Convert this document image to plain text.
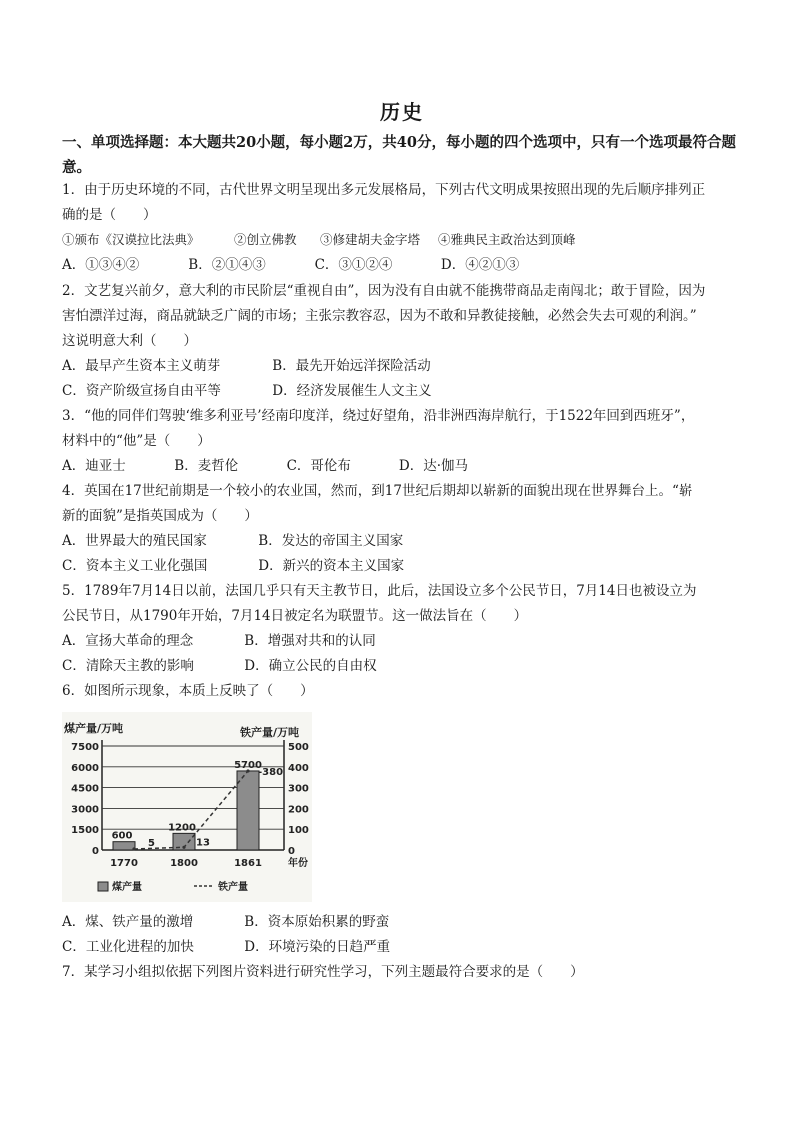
历史
一、单项选择题：本大题共20小题，每小题2万，共40分，每小题的四个选项中，只有一个选项最符合题意。
1．由于历史环境的不同，古代世界文明呈现出多元发展格局，下列古代文明成果按照出现的先后顺序排列正
确的是（　　）
①颁布《汉谟拉比法典》	②创立佛教 ③修建胡夫金字塔 ④雅典民主政治达到顶峰
A．①③④②	B．②①④③	C．③①②④	D．④②①③
2．文艺复兴前夕，意大利的市民阶层“重视自由”，因为没有自由就不能携带商品走南闯北；敢于冒险，因为
害怕漂洋过海，商品就缺乏广阔的市场；主张宗教容忍，因为不敢和异教徒接触，必然会失去可观的利润。”
这说明意大利（　　）
A．最早产生资本主义萌芽	B．最先开始远洋探险活动
C．资产阶级宣扬自由平等	D．经济发展催生人文主义
3．“他的同伴们驾驶‘维多利亚号’经南印度洋，绕过好望角，沿非洲西海岸航行，于1522年回到西班牙”，
材料中的“他”是（　　）
A．迪亚士	B．麦哲伦	C．哥伦布	D．达·伽马
4．英国在17世纪前期是一个较小的农业国，然而，到17世纪后期却以崭新的面貌出现在世界舞台上。“崭
新的面貌”是指英国成为（　　）
A．世界最大的殖民国家	B．发达的帝国主义国家
C．资本主义工业化强国	D．新兴的资本主义国家
5．1789年7月14日以前，法国几乎只有天主教节日，此后，法国设立多个公民节日，7月14日也被设立为
公民节日，从1790年开始，7月14日被定名为联盟节。这一做法旨在（　　）
A．宣扬大革命的理念	B．增强对共和的认同
C．清除天主教的影响	D．确立公民的自由权
6．如图所示现象，本质上反映了（　　）
0
1500
3000
4500
6000
7500
0
100
200
300
400
500
煤产量/万吨	铁产量/万吨
1770	1800	1861	年份
600
1200
5700
5	13
-380
煤产量	铁产量
A．煤、铁产量的激增	B．资本原始积累的野蛮
C．工业化进程的加快	D．环境污染的日趋严重
7．某学习小组拟依据下列图片资料进行研究性学习，下列主题最符合要求的是（　　）
